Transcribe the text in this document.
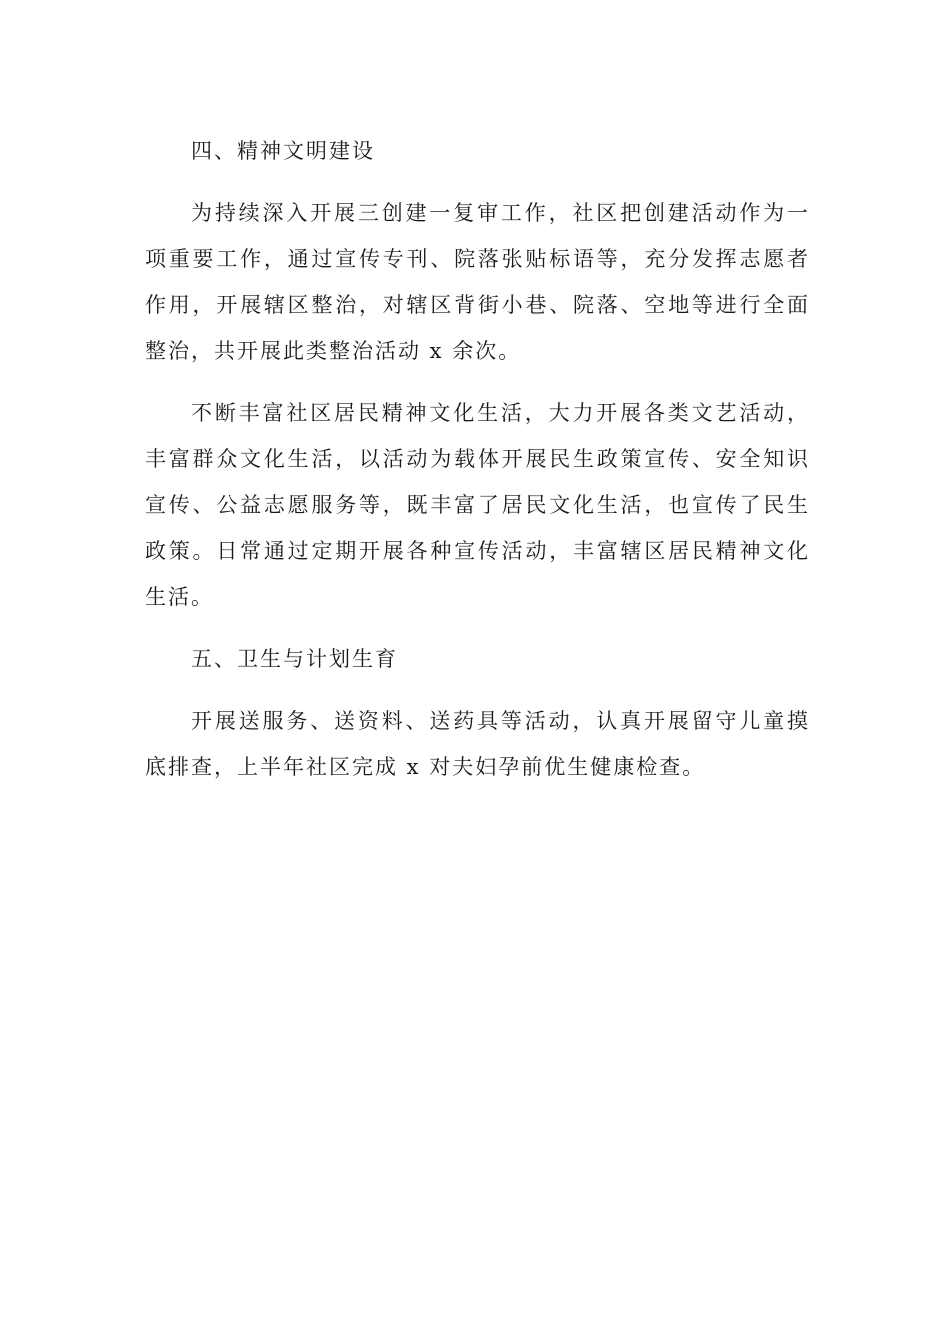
四、精神文明建设

为持续深入开展三创建一复审工作，社区把创建活动作为一项重要工作，通过宣传专刊、院落张贴标语等，充分发挥志愿者作用，开展辖区整治，对辖区背街小巷、院落、空地等进行全面整治，共开展此类整治活动 x 余次。

不断丰富社区居民精神文化生活，大力开展各类文艺活动，丰富群众文化生活，以活动为载体开展民生政策宣传、安全知识宣传、公益志愿服务等，既丰富了居民文化生活，也宣传了民生政策。日常通过定期开展各种宣传活动，丰富辖区居民精神文化生活。

五、卫生与计划生育

开展送服务、送资料、送药具等活动，认真开展留守儿童摸底排查，上半年社区完成 x 对夫妇孕前优生健康检查。
